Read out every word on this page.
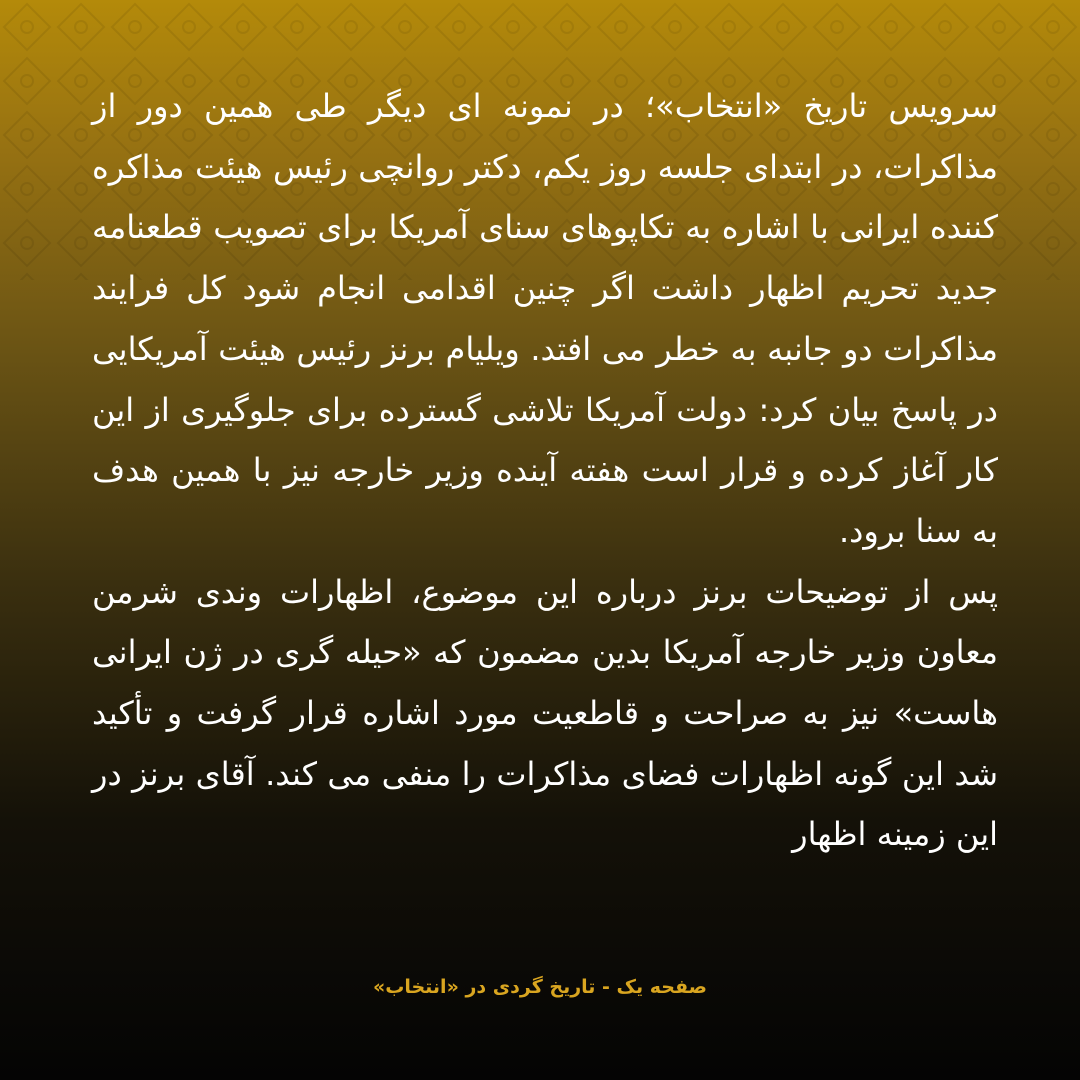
سرویس تاریخ «انتخاب»؛ در نمونه ای دیگر طی همین دور از مذاکرات، در ابتدای جلسه روز یکم، دکتر روانچی رئیس هیئت مذاکره کننده ایرانی با اشاره به تکاپوهای سنای آمریکا برای تصویب قطعنامه جدید تحریم اظهار داشت اگر چنین اقدامی انجام شود کل فرایند مذاکرات دو جانبه به خطر می افتد. ویلیام برنز رئیس هیئت آمریکایی در پاسخ بیان کرد: دولت آمریکا تلاشی گسترده برای جلوگیری از این کار آغاز کرده و قرار است هفته آینده وزیر خارجه نیز با همین هدف به سنا برود.

پس از توضیحات برنز درباره این موضوع، اظهارات وندی شرمن معاون وزیر خارجه آمریکا بدین مضمون که «حیله گری در ژن ایرانی هاست» نیز به صراحت و قاطعیت مورد اشاره قرار گرفت و تأکید شد این گونه اظهارات فضای مذاکرات را منفی می کند. آقای برنز در این زمینه اظهار

صفحه یک - تاریخ گردی در «انتخاب»
